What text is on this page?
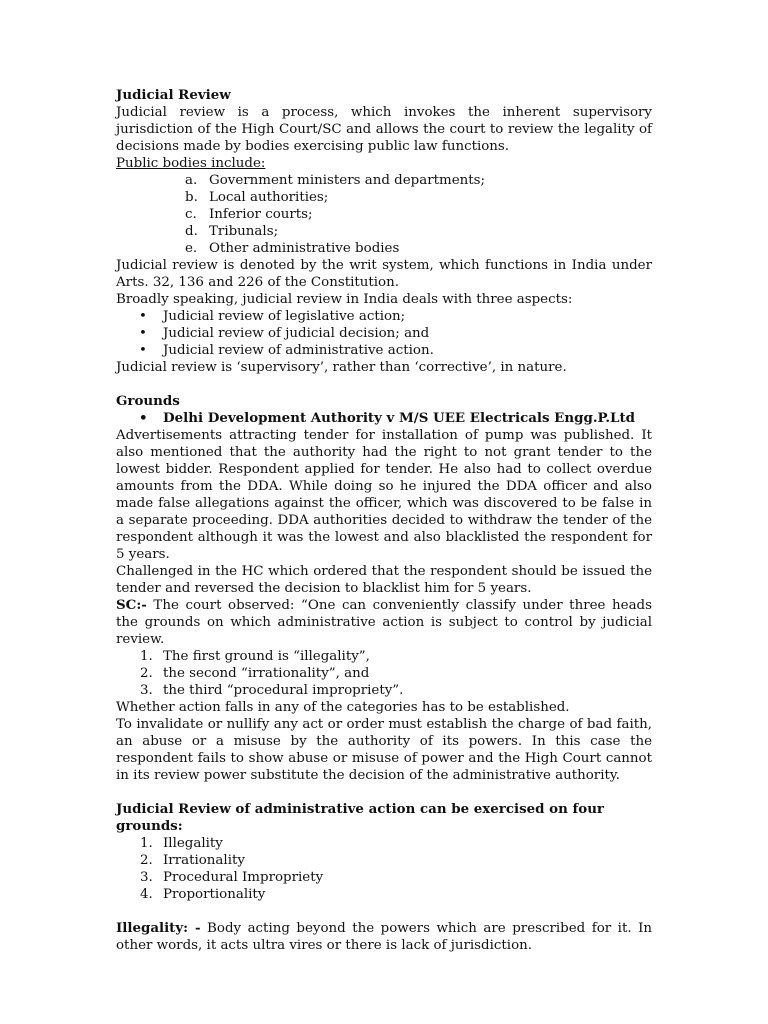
Judicial Review

Judicial review is a process, which invokes the inherent supervisory jurisdiction of the High Court/SC and allows the court to review the legality of decisions made by bodies exercising public law functions.

Public bodies include:

a. Government ministers and departments;
b. Local authorities;
c. Inferior courts;
d. Tribunals;
e. Other administrative bodies

Judicial review is denoted by the writ system, which functions in India under Arts. 32, 136 and 226 of the Constitution.

Broadly speaking, judicial review in India deals with three aspects:

• Judicial review of legislative action;
• Judicial review of judicial decision; and
• Judicial review of administrative action.

Judicial review is ‘supervisory’, rather than ‘corrective’, in nature.

Grounds

• Delhi Development Authority v M/S UEE Electricals Engg.P.Ltd

Advertisements attracting tender for installation of pump was published. It also mentioned that the authority had the right to not grant tender to the lowest bidder. Respondent applied for tender. He also had to collect overdue amounts from the DDA. While doing so he injured the DDA officer and also made false allegations against the officer, which was discovered to be false in a separate proceeding. DDA authorities decided to withdraw the tender of the respondent although it was the lowest and also blacklisted the respondent for 5 years.

Challenged in the HC which ordered that the respondent should be issued the tender and reversed the decision to blacklist him for 5 years.

SC:- The court observed: “One can conveniently classify under three heads the grounds on which administrative action is subject to control by judicial review.

1. The first ground is “illegality”,
2. the second “irrationality”, and
3. the third “procedural impropriety”.

Whether action falls in any of the categories has to be established.

To invalidate or nullify any act or order must establish the charge of bad faith, an abuse or a misuse by the authority of its powers. In this case the respondent fails to show abuse or misuse of power and the High Court cannot in its review power substitute the decision of the administrative authority.

Judicial Review of administrative action can be exercised on four grounds:

1. Illegality
2. Irrationality
3. Procedural Impropriety
4. Proportionality

Illegality: - Body acting beyond the powers which are prescribed for it. In other words, it acts ultra vires or there is lack of jurisdiction.
